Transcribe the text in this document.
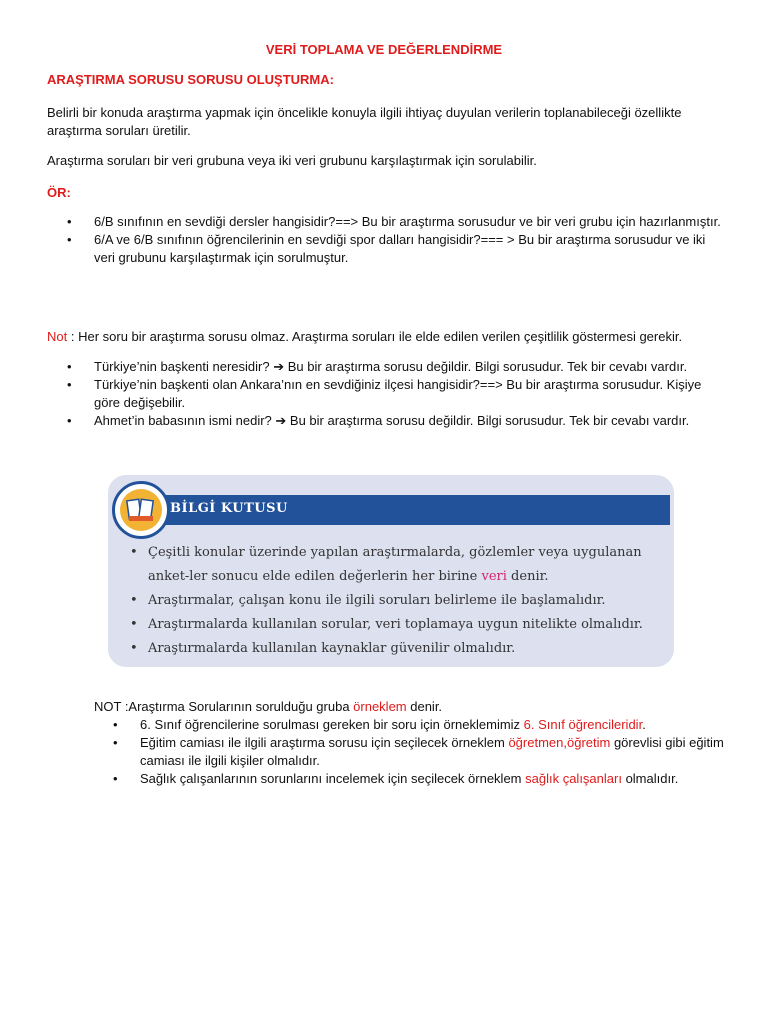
VERİ TOPLAMA VE DEĞERLENDİRME
ARAŞTIRMA SORUSU SORUSU OLUŞTURMA:
Belirli bir konuda araştırma yapmak için öncelikle konuyla ilgili ihtiyaç duyulan verilerin toplanabileceği özellikte araştırma soruları üretilir.
Araştırma soruları bir veri grubuna veya iki veri grubunu karşılaştırmak için sorulabilir.
ÖR:
• 6/B sınıfının en sevdiği dersler hangisidir?==> Bu bir araştırma sorusudur ve bir veri grubu için hazırlanmıştır.
• 6/A ve 6/B sınıfının öğrencilerinin en sevdiği spor dalları hangisidir?=== > Bu bir araştırma sorusudur ve iki veri grubunu karşılaştırmak için sorulmuştur.
Not : Her soru bir araştırma sorusu olmaz. Araştırma soruları ile elde edilen verilen çeşitlilik göstermesi gerekir.
• Türkiye’nin başkenti neresidir? ➔ Bu bir araştırma sorusu değildir. Bilgi sorusudur. Tek bir cevabı vardır.
• Türkiye’nin başkenti olan Ankara’nın en sevdiğiniz ilçesi hangisidir?==> Bu bir araştırma sorusudur. Kişiye göre değişebilir.
• Ahmet’in babasının ismi nedir? ➔ Bu bir araştırma sorusu değildir. Bilgi sorusudur. Tek bir cevabı vardır.
BİLGİ KUTUSU
• Çeşitli konular üzerinde yapılan araştırmalarda, gözlemler veya uygulanan anket-ler sonucu elde edilen değerlerin her birine veri denir.
• Araştırmalar, çalışan konu ile ilgili soruları belirleme ile başlamalıdır.
• Araştırmalarda kullanılan sorular, veri toplamaya uygun nitelikte olmalıdır.
• Araştırmalarda kullanılan kaynaklar güvenilir olmalıdır.
NOT :Araştırma Sorularının sorulduğu gruba örneklem denir.
• 6. Sınıf öğrencilerine sorulması gereken bir soru için örneklemimiz 6. Sınıf öğrencileridir.
• Eğitim camiası ile ilgili araştırma sorusu için seçilecek örneklem öğretmen,öğretim görevlisi gibi eğitim camiası ile ilgili kişiler olmalıdır.
• Sağlık çalışanlarının sorunlarını incelemek için seçilecek örneklem sağlık çalışanları olmalıdır.
